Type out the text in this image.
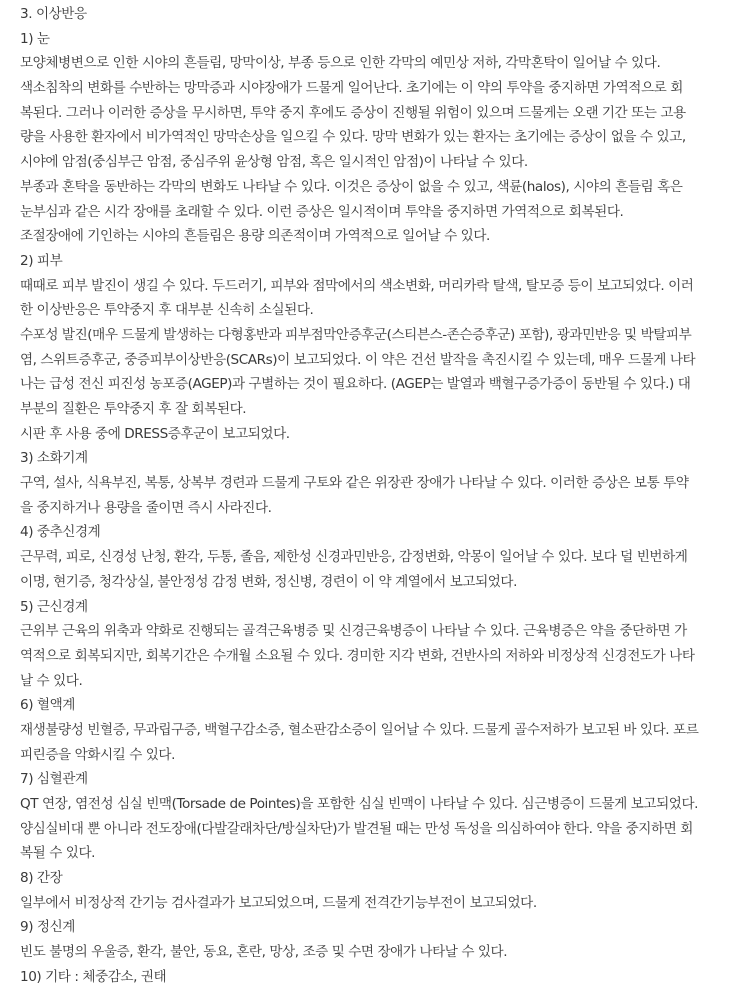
3. 이상반응
1) 눈
모양체병변으로 인한 시야의 흔들림, 망막이상, 부종 등으로 인한 각막의 예민상 저하, 각막혼탁이 일어날 수 있다.
색소침착의 변화를 수반하는 망막증과 시야장애가 드물게 일어난다. 초기에는 이 약의 투약을 중지하면 가역적으로 회
복된다. 그러나 이러한 증상을 무시하면, 투약 중지 후에도 증상이 진행될 위험이 있으며 드물게는 오랜 기간 또는 고용
량을 사용한 환자에서 비가역적인 망막손상을 일으킬 수 있다. 망막 변화가 있는 환자는 초기에는 증상이 없을 수 있고,
시야에 암점(중심부근 암점, 중심주위 윤상형 암점, 혹은 일시적인 암점)이 나타날 수 있다.
부종과 혼탁을 동반하는 각막의 변화도 나타날 수 있다. 이것은 증상이 없을 수 있고, 색륜(halos), 시야의 흔들림 혹은
눈부심과 같은 시각 장애를 초래할 수 있다. 이런 증상은 일시적이며 투약을 중지하면 가역적으로 회복된다.
조절장애에 기인하는 시야의 흔들림은 용량 의존적이며 가역적으로 일어날 수 있다.
2) 피부
때때로 피부 발진이 생길 수 있다. 두드러기, 피부와 점막에서의 색소변화, 머리카락 탈색, 탈모증 등이 보고되었다. 이러
한 이상반응은 투약중지 후 대부분 신속히 소실된다.
수포성 발진(매우 드물게 발생하는 다형홍반과 피부점막안증후군(스티븐스-존슨증후군) 포함), 광과민반응 및 박탈피부
염, 스위트증후군, 중증피부이상반응(SCARs)이 보고되었다. 이 약은 건선 발작을 촉진시킬 수 있는데, 매우 드물게 나타
나는 급성 전신 피진성 농포증(AGEP)과 구별하는 것이 필요하다. (AGEP는 발열과 백혈구증가증이 동반될 수 있다.) 대
부분의 질환은 투약중지 후 잘 회복된다.
시판 후 사용 중에 DRESS증후군이 보고되었다.
3) 소화기계
구역, 설사, 식욕부진, 복통, 상복부 경련과 드물게 구토와 같은 위장관 장애가 나타날 수 있다. 이러한 증상은 보통 투약
을 중지하거나 용량을 줄이면 즉시 사라진다.
4) 중추신경계
근무력, 피로, 신경성 난청, 환각, 두통, 졸음, 제한성 신경과민반응, 감정변화, 악몽이 일어날 수 있다. 보다 덜 빈번하게
이명, 현기증, 청각상실, 불안정성 감정 변화, 정신병, 경련이 이 약 계열에서 보고되었다.
5) 근신경계
근위부 근육의 위축과 약화로 진행되는 골격근육병증 및 신경근육병증이 나타날 수 있다. 근육병증은 약을 중단하면 가
역적으로 회복되지만, 회복기간은 수개월 소요될 수 있다. 경미한 지각 변화, 건반사의 저하와 비정상적 신경전도가 나타
날 수 있다.
6) 혈액계
재생불량성 빈혈증, 무과립구증, 백혈구감소증, 혈소판감소증이 일어날 수 있다. 드물게 골수저하가 보고된 바 있다. 포르
피린증을 악화시킬 수 있다.
7) 심혈관계
QT 연장, 염전성 심실 빈맥(Torsade de Pointes)을 포함한 심실 빈맥이 나타날 수 있다. 심근병증이 드물게 보고되었다.
양심실비대 뿐 아니라 전도장애(다발갈래차단/방실차단)가 발견될 때는 만성 독성을 의심하여야 한다. 약을 중지하면 회
복될 수 있다.
8) 간장
일부에서 비정상적 간기능 검사결과가 보고되었으며, 드물게 전격간기능부전이 보고되었다.
9) 정신계
빈도 불명의 우울증, 환각, 불안, 동요, 혼란, 망상, 조증 및 수면 장애가 나타날 수 있다.
10) 기타 : 체중감소, 권태
